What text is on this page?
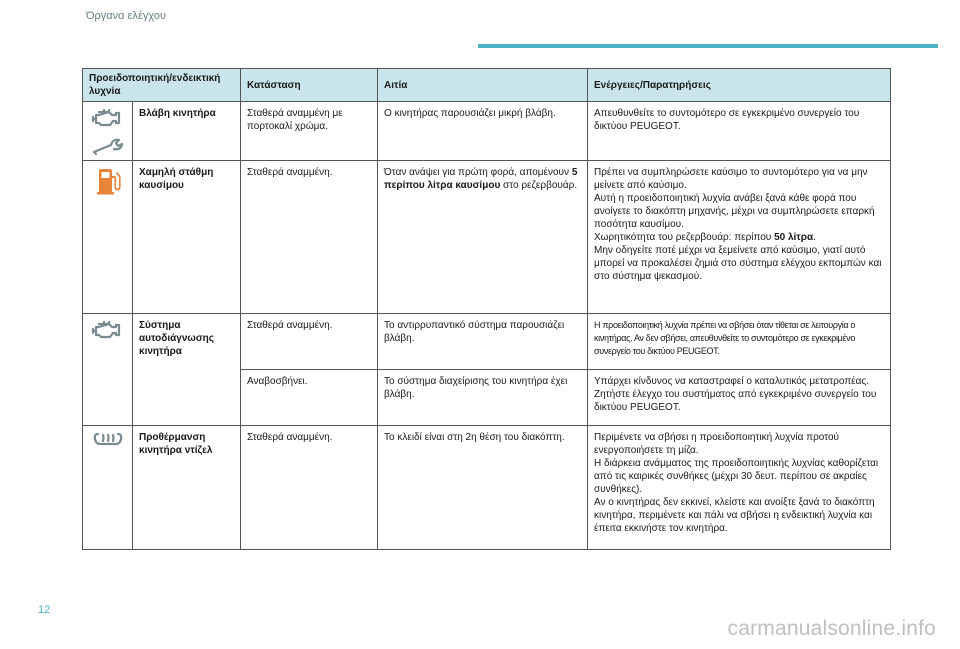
Όργανα ελέγχου
Προειδοποιητική/ενδεικτική λυχνία		Κατάσταση	Αιτία	Ενέργειες/Παρατηρήσεις

	Βλάβη κινητήρα	Σταθερά αναμμένη με πορτοκαλί χρώμα.	Ο κινητήρας παρουσιάζει μικρή βλάβη.	Απευθυνθείτε το συντομότερο σε εγκεκριμένο συνεργείο του δικτύου PEUGEOT.

	Χαμηλή στάθμη καυσίμου	Σταθερά αναμμένη.	Όταν ανάψει για πρώτη φορά, απομένουν 5 περίπου λίτρα καυσίμου στο ρεζερβουάρ.	Πρέπει να συμπληρώσετε καύσιμο το συντομότερο για να μην μείνετε από καύσιμο.
Αυτή η προειδοποιητική λυχνία ανάβει ξανά κάθε φορά που ανοίγετε το διακόπτη μηχανής, μέχρι να συμπληρώσετε επαρκή ποσότητα καυσίμου.
Χωρητικότητα του ρεζερβουάρ: περίπου 50 λίτρα.
Μην οδηγείτε ποτέ μέχρι να ξεμείνετε από καύσιμο, γιατί αυτό μπορεί να προκαλέσει ζημιά στο σύστημα ελέγχου εκπομπών και στο σύστημα ψεκασμού.

	Σύστημα αυτοδιάγνωσης κινητήρα	Σταθερά αναμμένη.	Το αντιρρυπαντικό σύστημα παρουσιάζει βλάβη.	Η προειδοποιητική λυχνία πρέπει να σβήσει όταν τίθεται σε λειτουργία ο κινητήρας. Αν δεν σβήσει, απευθυνθείτε το συντομότερο σε εγκεκριμένο συνεργείο του δικτύου PEUGEOT.
		Αναβοσβήνει.	Το σύστημα διαχείρισης του κινητήρα έχει βλάβη.	Υπάρχει κίνδυνος να καταστραφεί ο καταλυτικός μετατροπέας. Ζητήστε έλεγχο του συστήματος από εγκεκριμένο συνεργείο του δικτύου PEUGEOT.

	Προθέρμανση κινητήρα ντίζελ	Σταθερά αναμμένη.	Το κλειδί είναι στη 2η θέση του διακόπτη.	Περιμένετε να σβήσει η προειδοποιητική λυχνία προτού ενεργοποιήσετε τη μίζα.
Η διάρκεια ανάμματος της προειδοποιητικής λυχνίας καθορίζεται από τις καιρικές συνθήκες (μέχρι 30 δευτ. περίπου σε ακραίες συνθήκες).
Αν ο κινητήρας δεν εκκινεί, κλείστε και ανοίξτε ξανά το διακόπτη κινητήρα, περιμένετε και πάλι να σβήσει η ενδεικτική λυχνία και έπειτα εκκινήστε τον κινητήρα.
12
carmanualsonline.info
